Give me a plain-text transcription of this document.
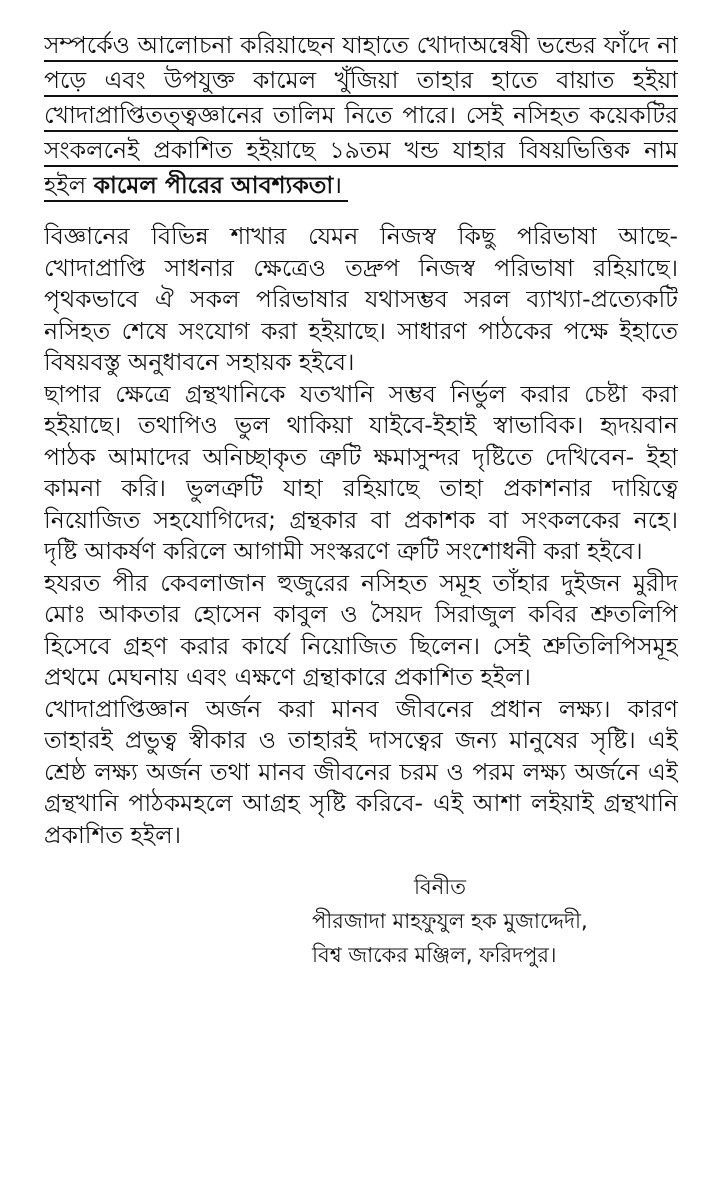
সম্পর্কেও আলোচনা করিয়াছেন যাহাতে খোদাঅন্বেষী ভন্ডের ফাঁদে না
পড়ে এবং উপযুক্ত কামেল খুঁজিয়া তাহার হাতে বায়াত হইয়া
খোদাপ্রাপ্তিতত্ত্বজ্ঞানের তালিম নিতে পারে। সেই নসিহত কয়েকটির
সংকলনেই প্রকাশিত হইয়াছে ১৯তম খন্ড যাহার বিষয়ভিত্তিক নাম
হইল কামেল পীরের আবশ্যকতা।
বিজ্ঞানের বিভিন্ন শাখার যেমন নিজস্ব কিছু পরিভাষা আছে-
খোদাপ্রাপ্তি সাধনার ক্ষেত্রেও তদ্রুপ নিজস্ব পরিভাষা রহিয়াছে।
পৃথকভাবে ঐ সকল পরিভাষার যথাসম্ভব সরল ব্যাখ্যা-প্রত্যেকটি
নসিহত শেষে সংযোগ করা হইয়াছে। সাধারণ পাঠকের পক্ষে ইহাতে
বিষয়বস্তু অনুধাবনে সহায়ক হইবে।
ছাপার ক্ষেত্রে গ্রন্থখানিকে যতখানি সম্ভব নির্ভুল করার চেষ্টা করা
হইয়াছে। তথাপিও ভুল থাকিয়া যাইবে-ইহাই স্বাভাবিক। হৃদয়বান
পাঠক আমাদের অনিচ্ছাকৃত ত্রুটি ক্ষমাসুন্দর দৃষ্টিতে দেখিবেন- ইহা
কামনা করি। ভুলত্রুটি যাহা রহিয়াছে তাহা প্রকাশনার দায়িত্বে
নিয়োজিত সহযোগিদের; গ্রন্থকার বা প্রকাশক বা সংকলকের নহে।
দৃষ্টি আকর্ষণ করিলে আগামী সংস্করণে ত্রুটি সংশোধনী করা হইবে।
হযরত পীর কেবলাজান হুজুরের নসিহত সমূহ তাঁহার দুইজন মুরীদ
মোঃ আকতার হোসেন কাবুল ও সৈয়দ সিরাজুল কবির শ্রুতলিপি
হিসেবে গ্রহণ করার কার্যে নিয়োজিত ছিলেন। সেই শ্রুতিলিপিসমূহ
প্রথমে মেঘনায় এবং এক্ষণে গ্রন্থাকারে প্রকাশিত হইল।
খোদাপ্রাপ্তিজ্ঞান অর্জন করা মানব জীবনের প্রধান লক্ষ্য। কারণ
তাহারই প্রভুত্ব স্বীকার ও তাহারই দাসত্বের জন্য মানুষের সৃষ্টি। এই
শ্রেষ্ঠ লক্ষ্য অর্জন তথা মানব জীবনের চরম ও পরম লক্ষ্য অর্জনে এই
গ্রন্থখানি পাঠকমহলে আগ্রহ সৃষ্টি করিবে- এই আশা লইয়াই গ্রন্থখানি
প্রকাশিত হইল।
বিনীত
পীরজাদা মাহফুযুল হক মুজাদ্দেদী,
বিশ্ব জাকের মঞ্জিল, ফরিদপুর।
